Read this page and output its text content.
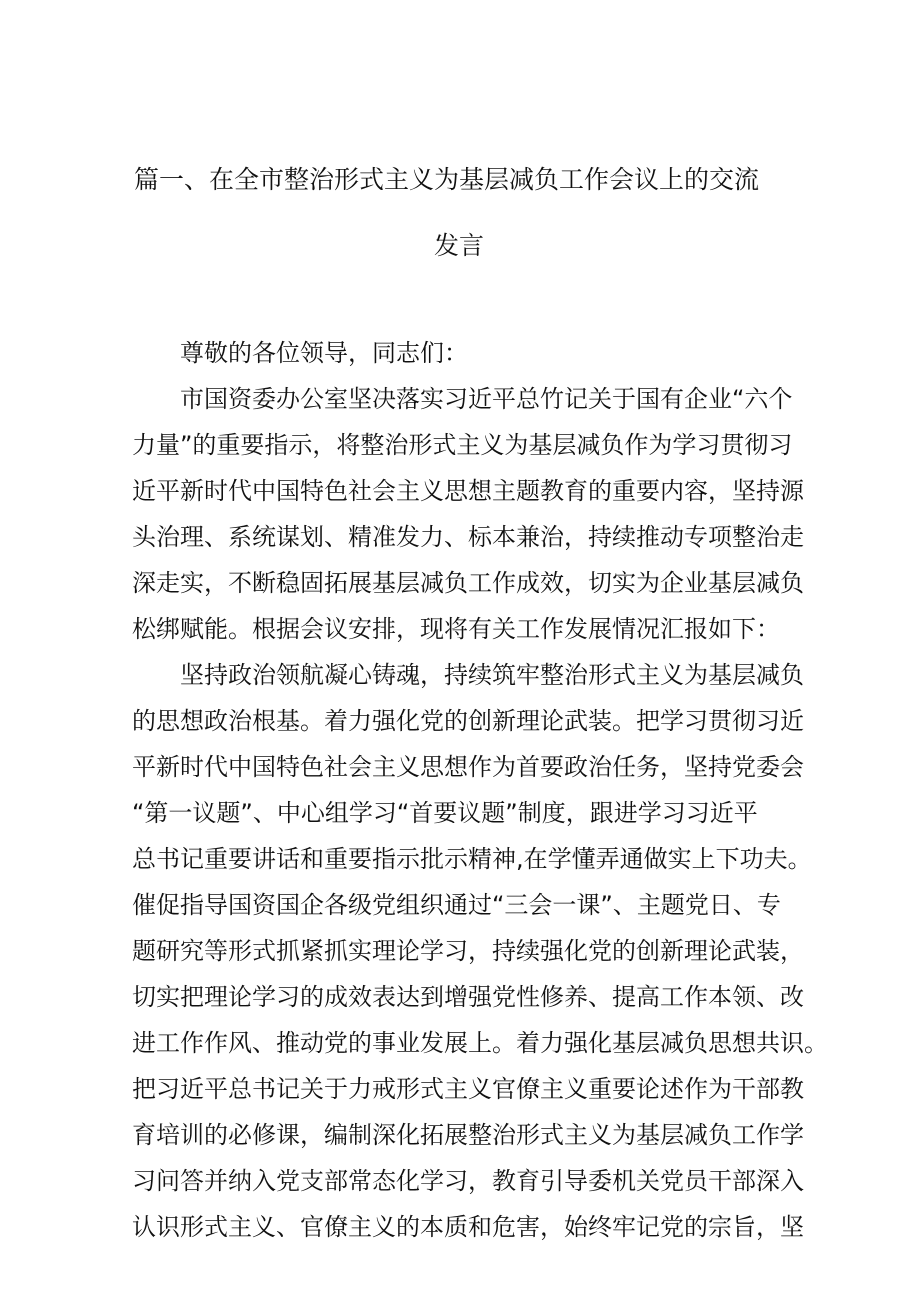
篇一、在全市整治形式主义为基层减负工作会议上的交流
发言
尊敬的各位领导，同志们：
市国资委办公室坚决落实习近平总竹记关于国有企业“六个
力量”的重要指示，将整治形式主义为基层减负作为学习贯彻习
近平新时代中国特色社会主义思想主题教育的重要内容，坚持源
头治理、系统谋划、精准发力、标本兼治，持续推动专项整治走
深走实，不断稳固拓展基层减负工作成效，切实为企业基层减负
松绑赋能。根据会议安排，现将有关工作发展情况汇报如下：
坚持政治领航凝心铸魂，持续筑牢整治形式主义为基层减负
的思想政治根基。着力强化党的创新理论武装。把学习贯彻习近
平新时代中国特色社会主义思想作为首要政治任务，坚持党委会
“第一议题”、中心组学习“首要议题”制度，跟进学习习近平
总书记重要讲话和重要指示批示精神,在学懂弄通做实上下功夫。
催促指导国资国企各级党组织通过“三会一课”、主题党日、专
题研究等形式抓紧抓实理论学习，持续强化党的创新理论武装，
切实把理论学习的成效表达到增强党性修养、提高工作本领、改
进工作作风、推动党的事业发展上。着力强化基层减负思想共识。
把习近平总书记关于力戒形式主义官僚主义重要论述作为干部教
育培训的必修课，编制深化拓展整治形式主义为基层减负工作学
习问答并纳入党支部常态化学习，教育引导委机关党员干部深入
认识形式主义、官僚主义的本质和危害，始终牢记党的宗旨，坚
